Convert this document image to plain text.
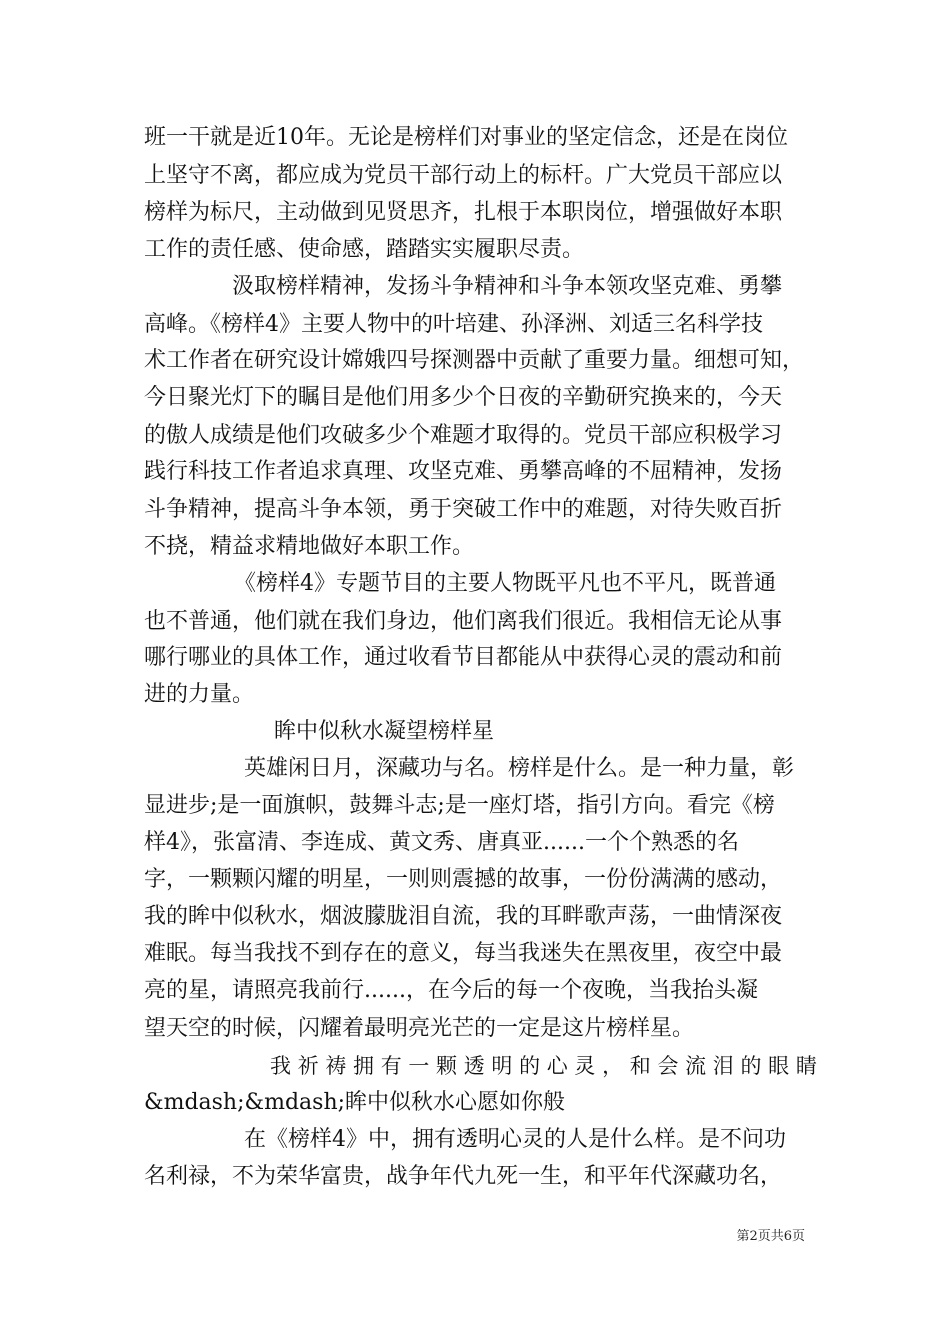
班一干就是近10年。无论是榜样们对事业的坚定信念，还是在岗位
上坚守不离，都应成为党员干部行动上的标杆。广大党员干部应以
榜样为标尺，主动做到见贤思齐，扎根于本职岗位，增强做好本职
工作的责任感、使命感，踏踏实实履职尽责。
汲取榜样精神，发扬斗争精神和斗争本领攻坚克难、勇攀
高峰。《榜样4》主要人物中的叶培建、孙泽洲、刘适三名科学技
术工作者在研究设计嫦娥四号探测器中贡献了重要力量。细想可知，
今日聚光灯下的瞩目是他们用多少个日夜的辛勤研究换来的，今天
的傲人成绩是他们攻破多少个难题才取得的。党员干部应积极学习
践行科技工作者追求真理、攻坚克难、勇攀高峰的不屈精神，发扬
斗争精神，提高斗争本领，勇于突破工作中的难题，对待失败百折
不挠，精益求精地做好本职工作。
《榜样4》专题节目的主要人物既平凡也不平凡，既普通
也不普通，他们就在我们身边，他们离我们很近。我相信无论从事
哪行哪业的具体工作，通过收看节目都能从中获得心灵的震动和前
进的力量。
眸中似秋水凝望榜样星
英雄闲日月，深藏功与名。榜样是什么。是一种力量，彰
显进步;是一面旗帜，鼓舞斗志;是一座灯塔，指引方向。看完《榜
样4》，张富清、李连成、黄文秀、唐真亚......一个个熟悉的名
字，一颗颗闪耀的明星，一则则震撼的故事，一份份满满的感动，
我的眸中似秋水，烟波朦胧泪自流，我的耳畔歌声荡，一曲情深夜
难眠。每当我找不到存在的意义，每当我迷失在黑夜里，夜空中最
亮的星，请照亮我前行......，在今后的每一个夜晚，当我抬头凝
望天空的时候，闪耀着最明亮光芒的一定是这片榜样星。
我 祈 祷 拥 有 一 颗 透 明 的 心 灵 ， 和 会 流 泪 的 眼 睛
&mdash;&mdash;眸中似秋水心愿如你般
在《榜样4》中，拥有透明心灵的人是什么样。是不问功
名利禄，不为荣华富贵，战争年代九死一生，和平年代深藏功名，
第2页共6页
